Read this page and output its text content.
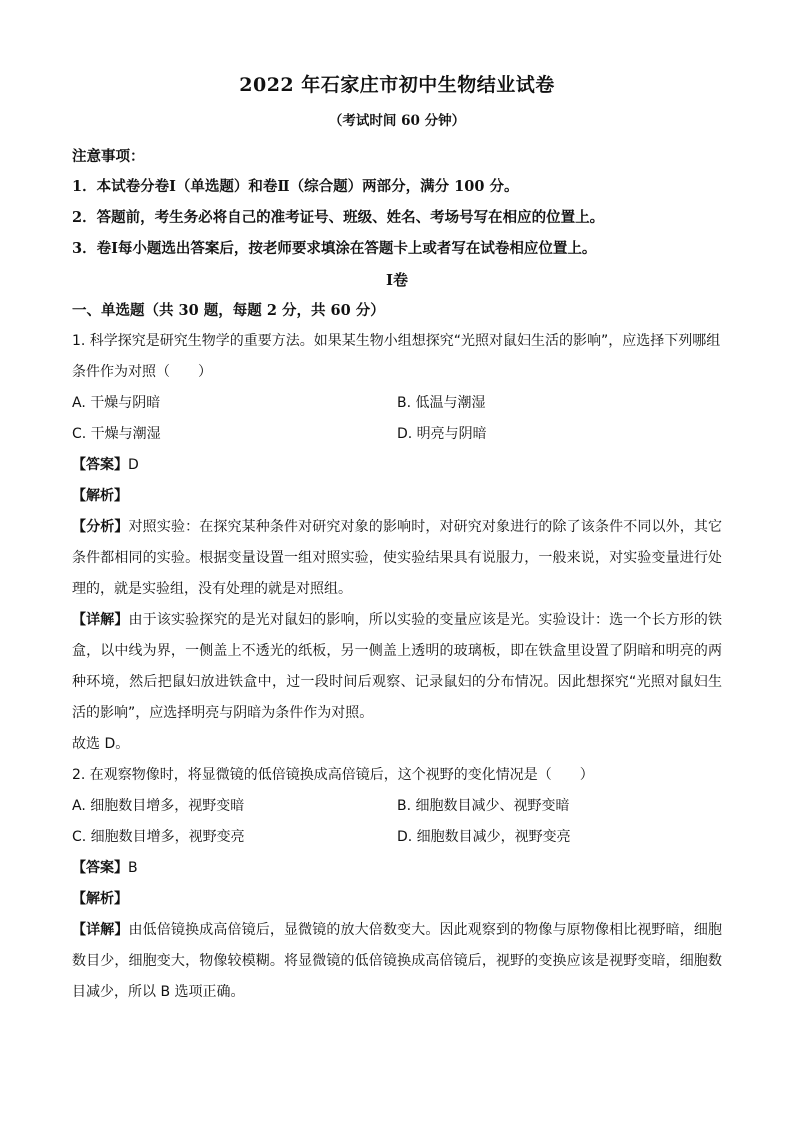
2022 年石家庄市初中生物结业试卷
（考试时间 60 分钟）
注意事项：
1．本试卷分卷Ⅰ（单选题）和卷Ⅱ（综合题）两部分，满分 100 分。
2．答题前，考生务必将自己的准考证号、班级、姓名、考场号写在相应的位置上。
3．卷Ⅰ每小题选出答案后，按老师要求填涂在答题卡上或者写在试卷相应位置上。
Ⅰ卷
一、单选题（共 30 题，每题 2 分，共 60 分）
1. 科学探究是研究生物学的重要方法。如果某生物小组想探究“光照对鼠妇生活的影响”，应选择下列哪组
条件作为对照（　　）
A. 干燥与阴暗	B. 低温与潮湿
C. 干燥与潮湿	D. 明亮与阴暗
【答案】D
【解析】
【分析】对照实验：在探究某种条件对研究对象的影响时，对研究对象进行的除了该条件不同以外，其它条件都相同的实验。根据变量设置一组对照实验，使实验结果具有说服力，一般来说，对实验变量进行处理的，就是实验组，没有处理的就是对照组。
【详解】由于该实验探究的是光对鼠妇的影响，所以实验的变量应该是光。实验设计：选一个长方形的铁盒，以中线为界，一侧盖上不透光的纸板，另一侧盖上透明的玻璃板，即在铁盒里设置了阴暗和明亮的两种环境，然后把鼠妇放进铁盒中，过一段时间后观察、记录鼠妇的分布情况。因此想探究“光照对鼠妇生活的影响”，应选择明亮与阴暗为条件作为对照。
故选 D。
2. 在观察物像时，将显微镜的低倍镜换成高倍镜后，这个视野的变化情况是（　　）
A. 细胞数目增多，视野变暗	B. 细胞数目减少、视野变暗
C. 细胞数目增多，视野变亮	D. 细胞数目减少，视野变亮
【答案】B
【解析】
【详解】由低倍镜换成高倍镜后，显微镜的放大倍数变大。因此观察到的物像与原物像相比视野暗，细胞数目少，细胞变大，物像较模糊。将显微镜的低倍镜换成高倍镜后，视野的变换应该是视野变暗，细胞数目减少，所以 B 选项正确。
